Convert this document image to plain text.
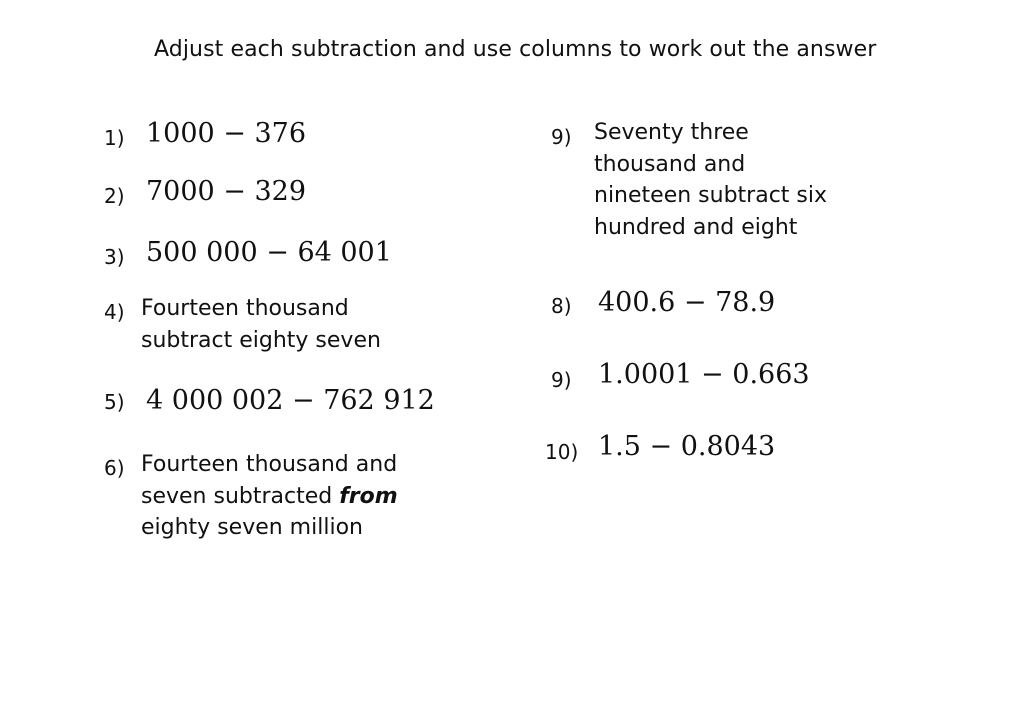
Adjust each subtraction and use columns to work out the answer
1) 1000 − 376
2) 7000 − 329
3) 500 000 − 64 001
4) Fourteen thousand
subtract eighty seven
5) 4 000 002 − 762 912
6) Fourteen thousand and
seven subtracted from
eighty seven million
9) Seventy three
thousand and
nineteen subtract six
hundred and eight
8) 400.6 − 78.9
9) 1.0001 − 0.663
10) 1.5 − 0.8043
